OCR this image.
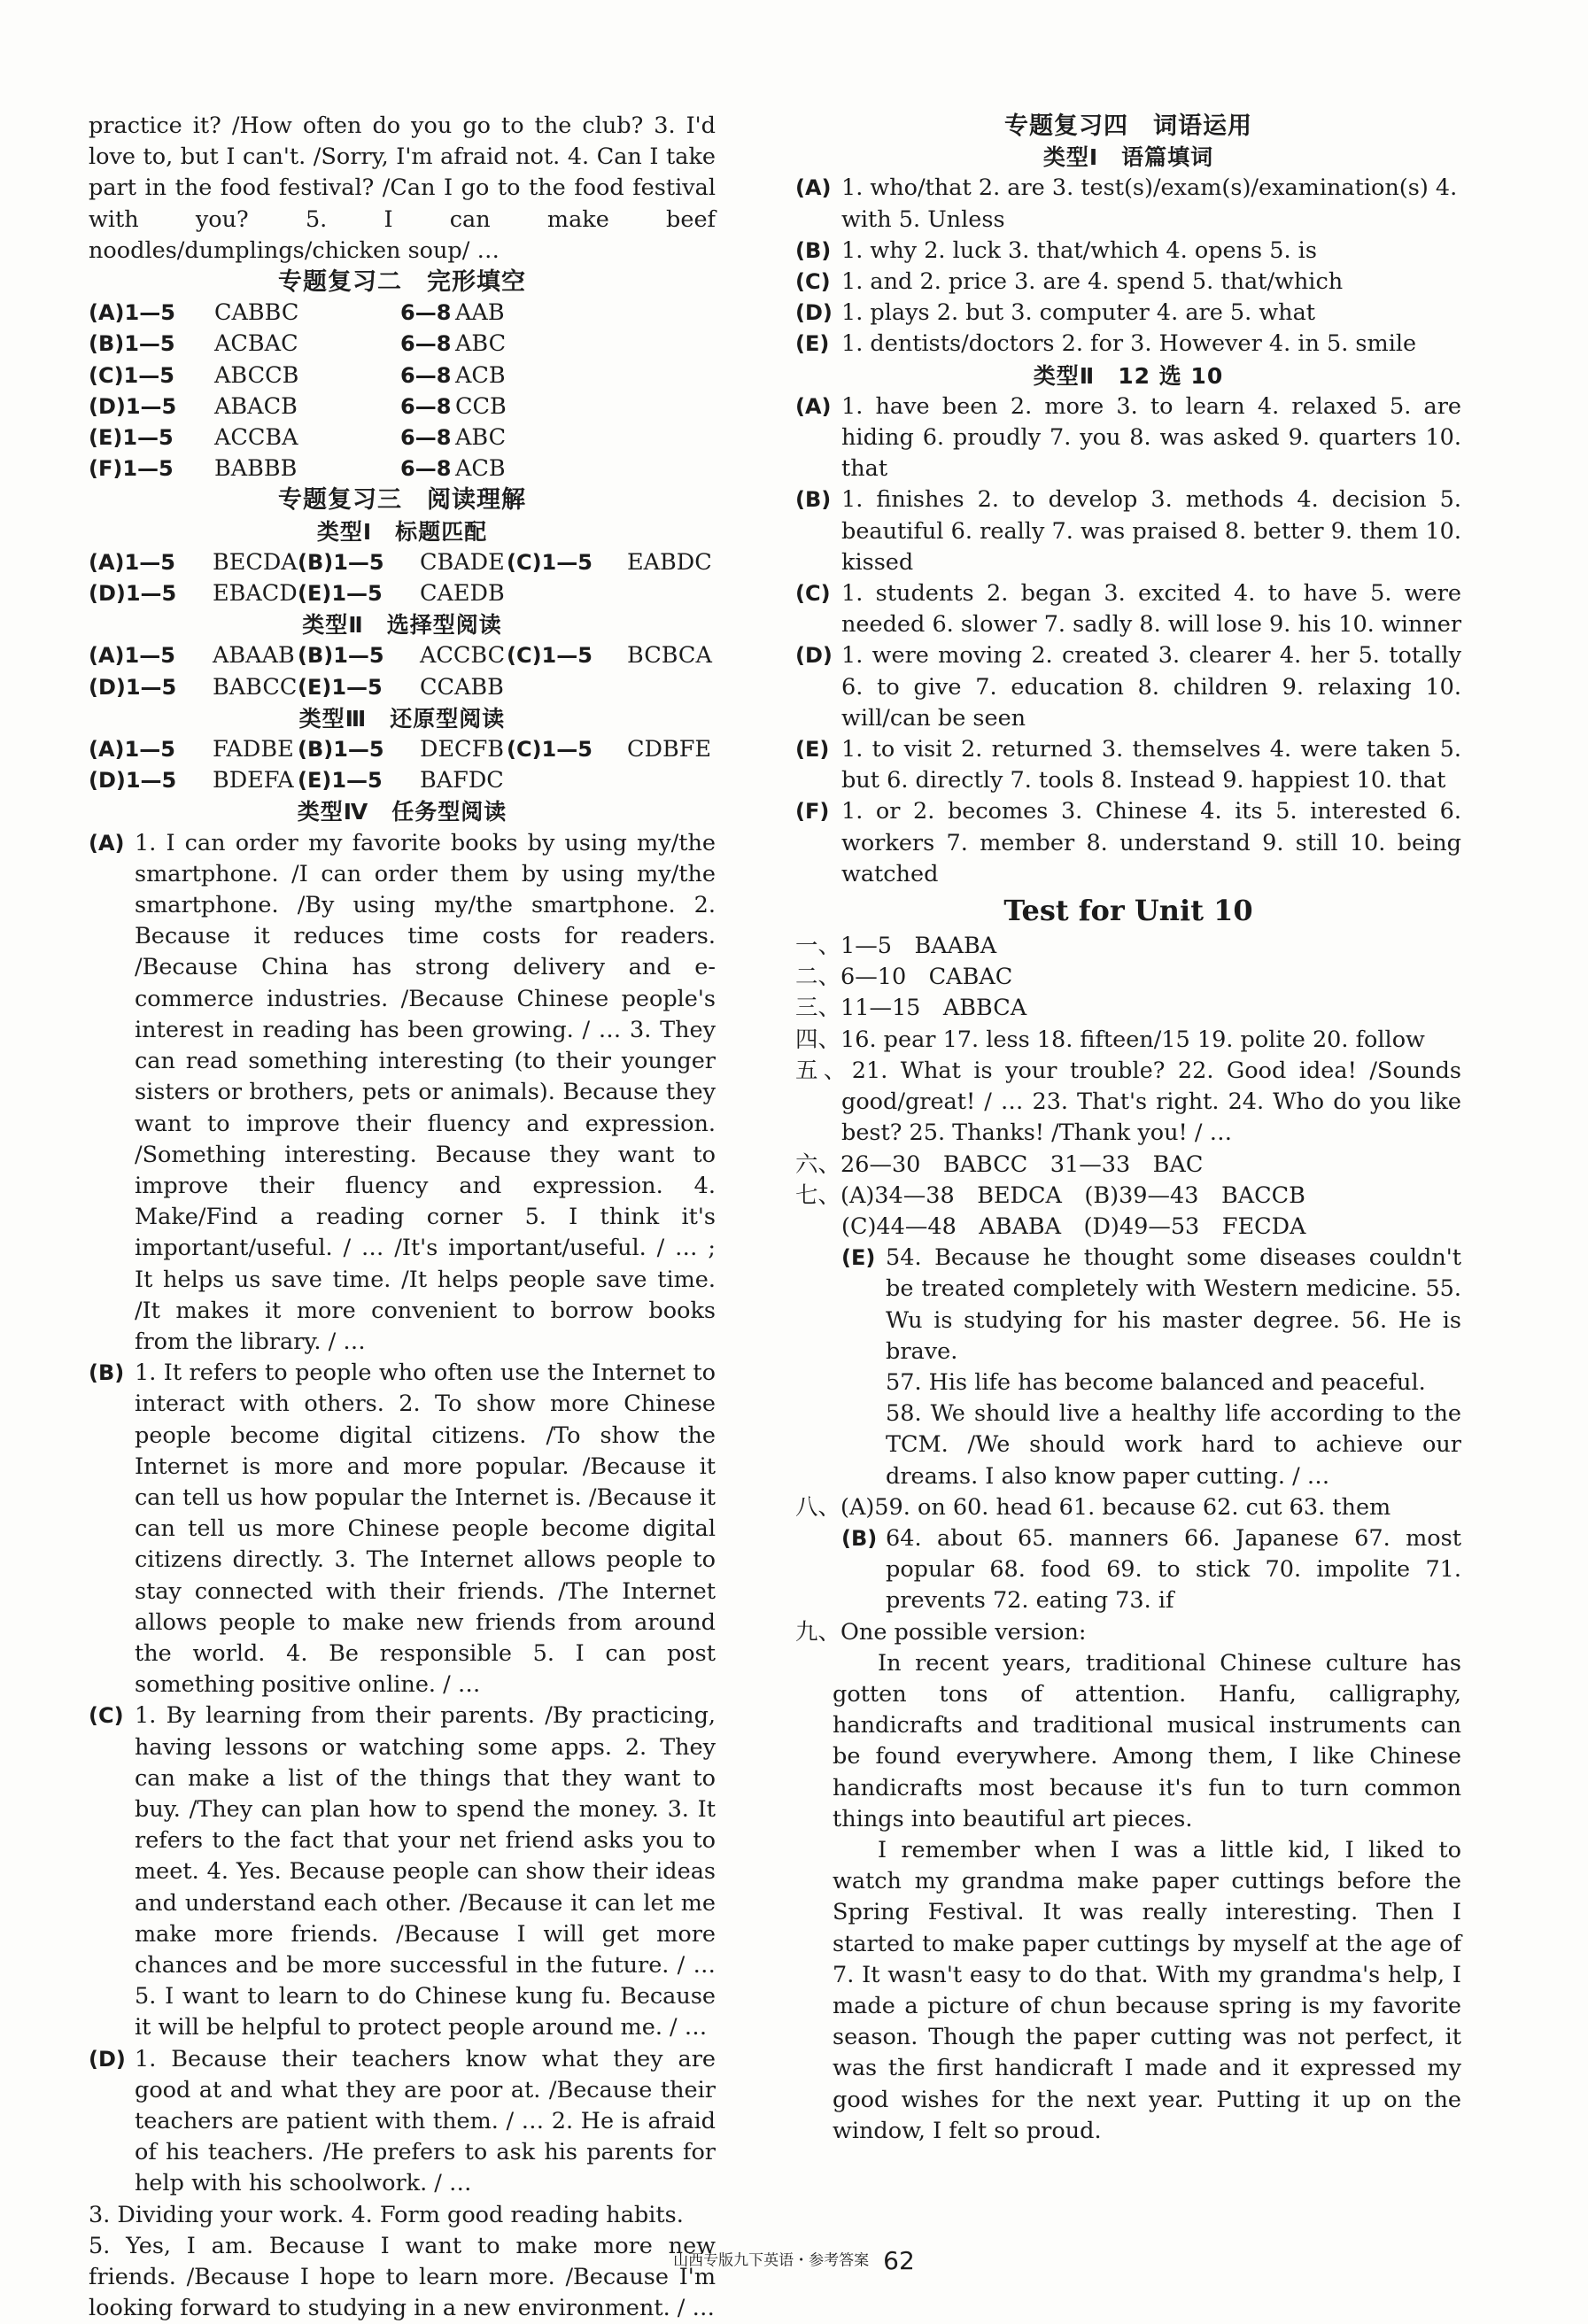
practice it? /How often do you go to the club? 3. I'd love to, but I can't. /Sorry, I'm afraid not. 4. Can I take part in the food festival? /Can I go to the food festival with you? 5. I can make beef noodles/dumplings/chicken soup/ …

专题复习二　完形填空

(A)1—5 CABBC	6—8 AAB
(B)1—5 ACBAC	6—8 ABC
(C)1—5 ABCCB	6—8 ACB
(D)1—5 ABACB	6—8 CCB
(E)1—5 ACCBA	6—8 ABC
(F)1—5 BABBB	6—8 ACB

专题复习三　阅读理解

类型Ⅰ　标题匹配

(A)1—5 BECDA(B)1—5 CBADE(C)1—5 EABDC
(D)1—5 EBACD(E)1—5 CAEDB

类型Ⅱ　选择型阅读

(A)1—5 ABAAB (B)1—5 ACCBC(C)1—5 BCBCA
(D)1—5 BABCC(E)1—5 CCABB

类型Ⅲ　还原型阅读

(A)1—5 FADBE (B)1—5 DECFB (C)1—5 CDBFE
(D)1—5 BDEFA (E)1—5 BAFDC

类型Ⅳ　任务型阅读

(A) 1. I can order my favorite books by using my/the smartphone. /I can order them by using my/the smartphone. /By using my/the smartphone. 2. Because it reduces time costs for readers. /Because China has strong delivery and e-commerce industries. /Because Chinese people's interest in reading has been growing. / … 3. They can read something interesting (to their younger sisters or brothers, pets or animals). Because they want to improve their fluency and expression. /Something interesting. Because they want to improve their fluency and expression. 4. Make/Find a reading corner 5. I think it's important/useful. / … /It's important/useful. / … ; It helps us save time. /It helps people save time. /It makes it more convenient to borrow books from the library. / …

(B) 1. It refers to people who often use the Internet to interact with others. 2. To show more Chinese people become digital citizens. /To show the Internet is more and more popular. /Because it can tell us how popular the Internet is. /Because it can tell us more Chinese people become digital citizens directly. 3. The Internet allows people to stay connected with their friends. /The Internet allows people to make new friends from around the world. 4. Be responsible 5. I can post something positive online. / …

(C) 1. By learning from their parents. /By practicing, having lessons or watching some apps. 2. They can make a list of the things that they want to buy. /They can plan how to spend the money. 3. It refers to the fact that your net friend asks you to meet. 4. Yes. Because people can show their ideas and understand each other. /Because it can let me make more friends. /Because I will get more chances and be more successful in the future. / … 5. I want to learn to do Chinese kung fu. Because it will be helpful to protect people around me. / …

(D) 1. Because their teachers know what they are good at and what they are poor at. /Because their teachers are patient with them. / … 2. He is afraid of his teachers. /He prefers to ask his parents for help with his schoolwork. / …

3. Dividing your work. 4. Form good reading habits.

5. Yes, I am. Because I want to make more new friends. /Because I hope to learn more. /Because I'm looking forward to studying in a new environment. / …

专题复习四　词语运用

类型Ⅰ　语篇填词

(A) 1. who/that 2. are 3. test(s)/exam(s)/examination(s) 4. with 5. Unless

(B) 1. why 2. luck 3. that/which 4. opens 5. is

(C) 1. and 2. price 3. are 4. spend 5. that/which

(D) 1. plays 2. but 3. computer 4. are 5. what

(E) 1. dentists/doctors 2. for 3. However 4. in 5. smile

类型Ⅱ　12 选 10

(A) 1. have been 2. more 3. to learn 4. relaxed 5. are hiding 6. proudly 7. you 8. was asked 9. quarters 10. that

(B) 1. finishes 2. to develop 3. methods 4. decision 5. beautiful 6. really 7. was praised 8. better 9. them 10. kissed

(C) 1. students 2. began 3. excited 4. to have 5. were needed 6. slower 7. sadly 8. will lose 9. his 10. winner

(D) 1. were moving 2. created 3. clearer 4. her 5. totally 6. to give 7. education 8. children 9. relaxing 10. will/can be seen

(E) 1. to visit 2. returned 3. themselves 4. were taken 5. but 6. directly 7. tools 8. Instead 9. happiest 10. that

(F) 1. or 2. becomes 3. Chinese 4. its 5. interested 6. workers 7. member 8. understand 9. still 10. being watched

Test for Unit 10

一、1—5　BAABA

二、6—10　CABAC

三、11—15　ABBCA

四、16. pear 17. less 18. fifteen/15 19. polite 20. follow

五、21. What is your trouble? 22. Good idea! /Sounds good/great! / … 23. That's right. 24. Who do you like best? 25. Thanks! /Thank you! / …

六、26—30　BABCC　31—33　BAC

七、(A)34—38　BEDCA　(B)39—43　BACCB

(C)44—48　ABABA　(D)49—53　FECDA

(E) 54. Because he thought some diseases couldn't be treated completely with Western medicine. 55. Wu is studying for his master degree. 56. He is brave.

57. His life has become balanced and peaceful.

58. We should live a healthy life according to the TCM. /We should work hard to achieve our dreams. I also know paper cutting. / …

八、(A)59. on 60. head 61. because 62. cut 63. them

(B) 64. about 65. manners 66. Japanese 67. most popular 68. food 69. to stick 70. impolite 71. prevents 72. eating 73. if

九、One possible version:

In recent years, traditional Chinese culture has gotten tons of attention. Hanfu, calligraphy, handicrafts and traditional musical instruments can be found everywhere. Among them, I like Chinese handicrafts most because it's fun to turn common things into beautiful art pieces.

I remember when I was a little kid, I liked to watch my grandma make paper cuttings before the Spring Festival. It was really interesting. Then I started to make paper cuttings by myself at the age of 7. It wasn't easy to do that. With my grandma's help, I made a picture of chun because spring is my favorite season. Though the paper cutting was not perfect, it was the first handicraft I made and it expressed my good wishes for the next year. Putting it up on the window, I felt so proud.

山西专版九下英语・参考答案 62
